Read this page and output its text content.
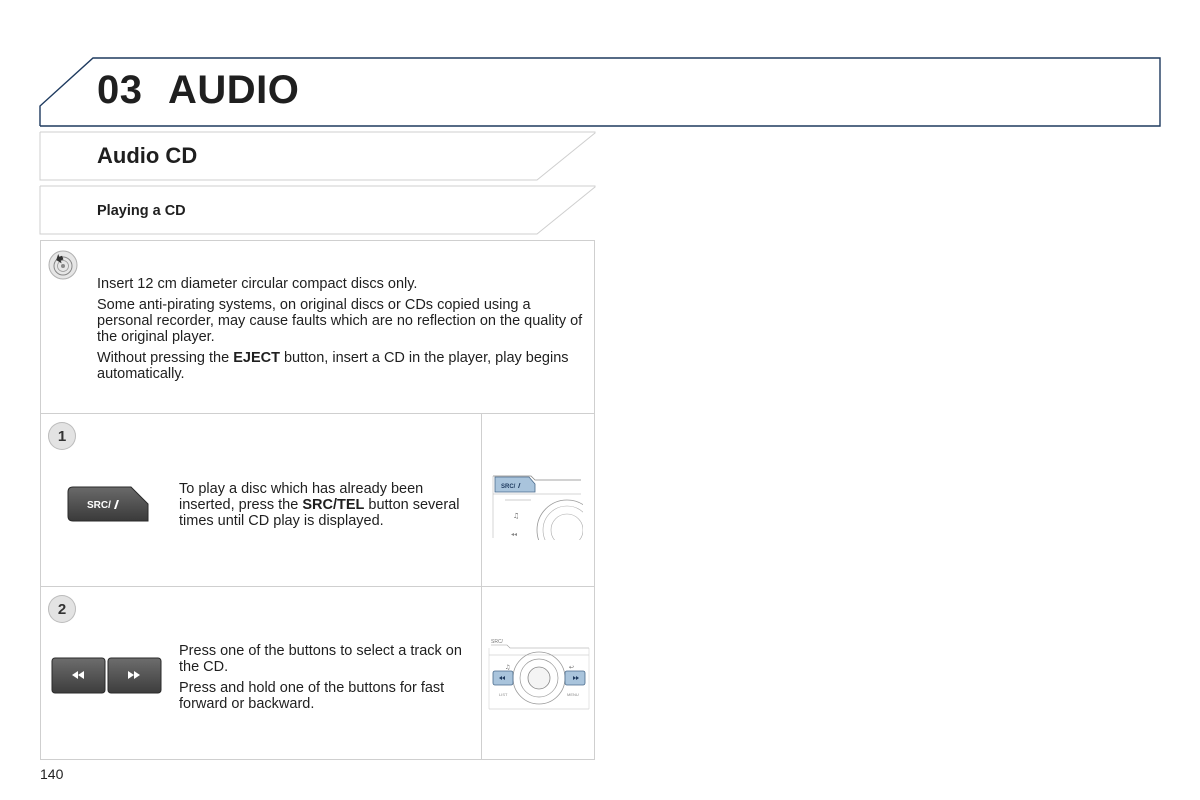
03 AUDIO
Audio CD
Playing a CD

Insert 12 cm diameter circular compact discs only.

Some anti-pirating systems, on original discs or CDs copied using a personal recorder, may cause faults which are no reflection on the quality of the original player.

Without pressing the EJECT button, insert a CD in the player, play begins automatically.

1
SRC/

To play a disc which has already been inserted, press the SRC/TEL button several times until CD play is displayed.

SRC/
♫
◂◂
2

Press one of the buttons to select a track on the CD.

Press and hold one of the buttons for fast forward or backward.

SRC/
♫	↩
LIST	MENU
140
